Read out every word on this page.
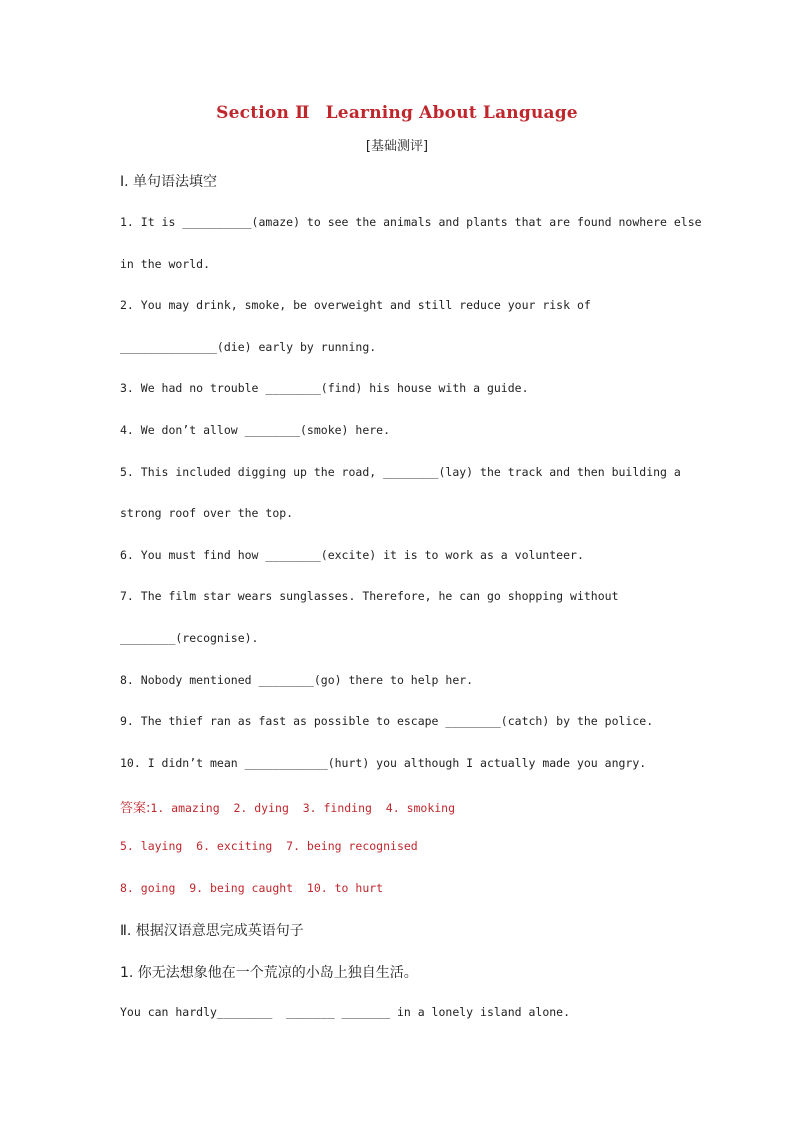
Section Ⅱ Learning About Language
[基础测评]
Ⅰ. 单句语法填空
1. It is __________(amaze) to see the animals and plants that are found nowhere else
in the world.
2. You may drink, smoke, be overweight and still reduce your risk of
______________(die) early by running.
3. We had no trouble ________(find) his house with a guide.
4. We don’t allow ________(smoke) here.
5. This included digging up the road, ________(lay) the track and then building a
strong roof over the top.
6. You must find how ________(excite) it is to work as a volunteer.
7. The film star wears sunglasses. Therefore, he can go shopping without
________(recognise).
8. Nobody mentioned ________(go) there to help her.
9. The thief ran as fast as possible to escape ________(catch) by the police.
10. I didn’t mean ____________(hurt) you although I actually made you angry.
答案:1. amazing  2. dying  3. finding  4. smoking
5. laying  6. exciting  7. being recognised
8. going  9. being caught  10. to hurt
Ⅱ. 根据汉语意思完成英语句子
1. 你无法想象他在一个荒凉的小岛上独自生活。
You can hardly________  _______ _______ in a lonely island alone.
